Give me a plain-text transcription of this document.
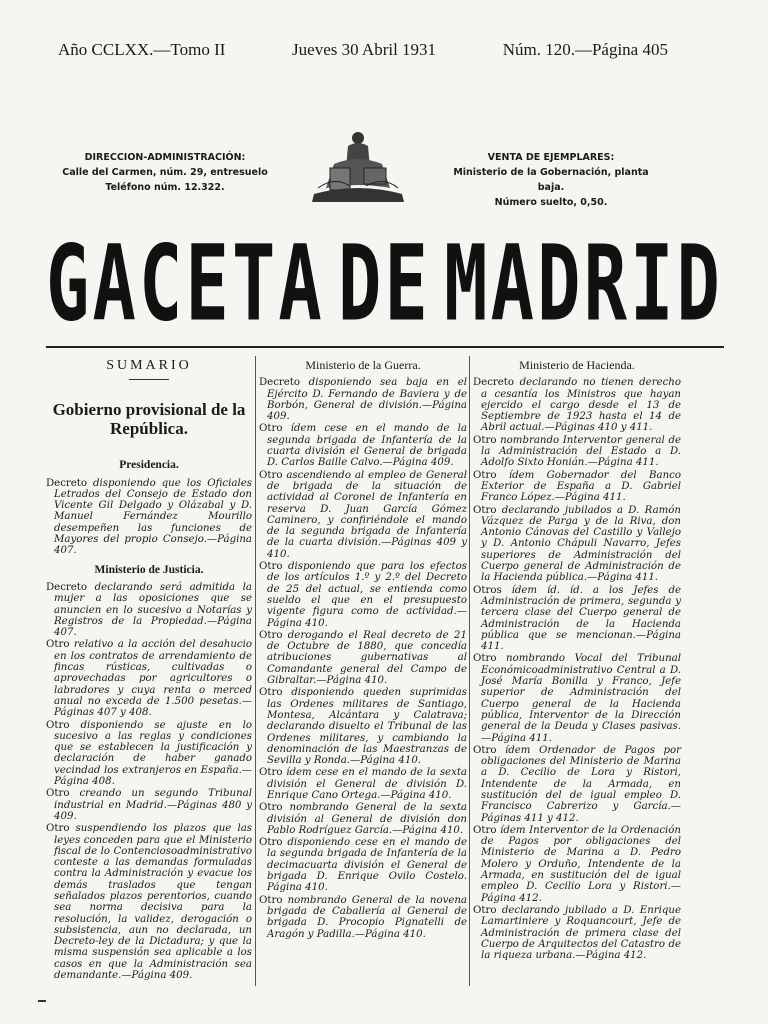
Año CCLXX.—Tomo II	Jueves 30 Abril 1931	Núm. 120.—Página 405
DIRECCION-ADMINISTRACIÓN:
Calle del Carmen, núm. 29, entresuelo
Teléfono núm. 12.322.
VENTA DE EJEMPLARES:
Ministerio de la Gobernación, planta baja.
Número suelto, 0,50.
G A C E T A D E M A D R I D
SUMARIO
Gobierno provisional de la República.
Presidencia.

Decreto disponiendo que los Oficiales Letrados del Consejo de Estado don Vicente Gil Delgado y Olázabal y D. Manuel Fernández Mourillo desempeñen las funciones de Mayores del propio Consejo.—Página 407.

Ministerio de Justicia.

Decreto declarando será admitida la mujer a las oposiciones que se anuncien en lo sucesivo a Notarías y Registros de la Propiedad.—Página 407.

Otro relativo a la acción del desahucio en los contratos de arrendamiento de fincas rústicas, cultivadas o aprovechadas por agricultores o labradores y cuya renta o merced anual no exceda de 1.500 pesetas.—Páginas 407 y 408.

Otro disponiendo se ajuste en lo sucesivo a las reglas y condiciones que se establecen la justificación y declaración de haber ganado vecindad los extranjeros en España.—Página 408.

Otro creando un segundo Tribunal industrial en Madrid.—Páginas 480 y 409.

Otro suspendiendo los plazos que las leyes conceden para que el Ministerio fiscal de lo Contenciosoadministrativo conteste a las demandas formuladas contra la Administración y evacue los demás traslados que tengan señalados plazos perentorios, cuando sea norma decisiva para la resolución, la validez, derogación o subsistencia, aun no declarada, un Decreto-ley de la Dictadura; y que la misma suspensión sea aplicable a los casos en que la Administración sea demandante.—Página 409.

Ministerio de la Guerra.

Decreto disponiendo sea baja en el Ejército D. Fernando de Baviera y de Borbón, General de división.—Página 409.

Otro ídem cese en el mando de la segunda brigada de Infantería de la cuarta división el General de brigada D. Carlos Baille Calvo.—Página 409.

Otro ascendiendo al empleo de General de brigada de la situación de actividad al Coronel de Infantería en reserva D. Juan García Gómez Caminero, y confiriéndole el mando de la segunda brigada de Infantería de la cuarta división.—Páginas 409 y 410.

Otro disponiendo que para los efectos de los artículos 1.º y 2.º del Decreto de 25 del actual, se entienda como sueldo el que en el presupuesto vigente figura como de actividad.—Página 410.

Otro derogando el Real decreto de 21 de Octubre de 1880, que concedía atribuciones gubernativas al Comandante general del Campo de Gibraltar.—Página 410.

Otro disponiendo queden suprimidas las Ordenes militares de Santiago, Montesa, Alcántara y Calatrava; declarando disuelto el Tribunal de las Ordenes militares, y cambiando la denominación de las Maestranzas de Sevilla y Ronda.—Página 410.

Otro ídem cese en el mando de la sexta división el General de división D. Enrique Cano Ortega.—Página 410.

Otro nombrando General de la sexta división al General de división don Pablo Rodríguez García.—Página 410.

Otro disponiendo cese en el mando de la segunda brigada de Infantería de la decimacuarta división el General de brigada D. Enrique Ovilo Costelo. Página 410.

Otro nombrando General de la novena brigada de Caballería al General de brigada D. Procopio Pignatelli de Aragón y Padilla.—Página 410.

Ministerio de Hacienda.

Decreto declarando no tienen derecho a cesantía los Ministros que hayan ejercido el cargo desde el 13 de Septiembre de 1923 hasta el 14 de Abril actual.—Páginas 410 y 411.

Otro nombrando Interventor general de la Administración del Estado a D. Adolfo Sixto Honián.—Página 411.

Otro ídem Gobernador del Banco Exterior de España a D. Gabriel Franco López.—Página 411.

Otro declarando jubilados a D. Ramón Vázquez de Parga y de la Riva, don Antonio Cánovas del Castillo y Vallejo y D. Antonio Chápuli Navarro, Jefes superiores de Administración del Cuerpo general de Administración de la Hacienda pública.—Página 411.

Otros ídem íd. íd. a los Jefes de Administración de primera, segunda y tercera clase del Cuerpo general de Administración de la Hacienda pública que se mencionan.—Página 411.

Otro nombrando Vocal del Tribunal Económicoadministrativo Central a D. José María Bonilla y Franco, Jefe superior de Administración del Cuerpo general de la Hacienda pública, Interventor de la Dirección general de la Deuda y Clases pasivas.—Página 411.

Otro ídem Ordenador de Pagos por obligaciones del Ministerio de Marina a D. Cecilio de Lora y Ristori, Intendente de la Armada, en sustitución del de igual empleo D. Francisco Cabrerizo y García.—Páginas 411 y 412.

Otro ídem Interventor de la Ordenación de Pagos por obligaciones del Ministerio de Marina a D. Pedro Molero y Orduño, Intendente de la Armada, en sustitución del de igual empleo D. Cecilio Lora y Ristori.—Página 412.

Otro declarando jubilado a D. Enrique Lamartiniere y Roquancourt, Jefe de Administración de primera clase del Cuerpo de Arquitectos del Catastro de la riqueza urbana.—Página 412.
